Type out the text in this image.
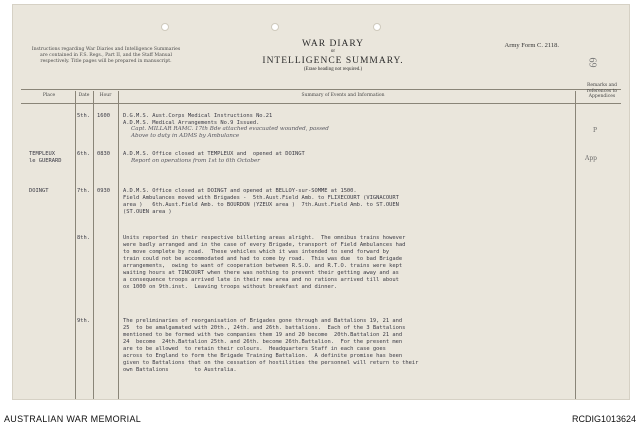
Instructions regarding War Diaries and Intelligence Summaries are contained in F.S. Regs., Part II, and the Staff Manual respectively. Title pages will be prepared in manuscript.
WAR DIARY
or
INTELLIGENCE SUMMARY.
(Erase heading not required.)
Army Form C. 2118.
69
Place	Date	Hour	Summary of Events and Information
Remarks and references to Appendices
5th. 1600 D.G.M.S. Aust.Corps Medical Instructions No.21
A.D.M.S. Medical Arrangements No.9 Issued.
Capt. MILLAR RAMC. 17th Bde attached evacuated wounded, passed
Above to duty in ADMS by Ambulance
P
TEMPLEUX
le GUERARD
6th. 0830 A.D.M.S. Office closed at TEMPLEUX and  opened at DOINGT
Report on operations from 1st to 6th October	App
DOINGT	7th. 0930 A.D.M.S. Office closed at DOINGT and opened at BELLOY-sur-SOMME at 1500.
Field Ambulances moved with Brigades -  5th.Aust.Field Amb. to FLIXECOURT (VIGNACOURT
area )   6th.Aust.Field Amb. to BOURDON (YZEUX area )  7th.Aust.Field Amb. to ST.OUEN
(ST.OUEN area )
8th.	Units reported in their respective billeting areas alright.  The omnibus trains however
were badly arranged and in the case of every Brigade, transport of Field Ambulances had
to move complete by road.  These vehicles which it was intended to send forward by
train could not be accommodated and had to come by road.  This was due  to bad Brigade
arrangements,  owing to want of cooperation between R.S.O. and R.T.O. trains were kept
waiting hours at TINCOURT when there was nothing to prevent their getting away and as
a consequence troops arrived late in their new area and no rations arrived till about
ox 1000 on 9th.inst.  Leaving troops without breakfast and dinner.
9th.	The preliminaries of reorganisation of Brigades gone through and Battalions 19, 21 and
25  to be amalgamated with 20th., 24th. and 26th. battalions.  Each of the 3 Battalions
mentioned to be formed with two companies them 19 and 20 become  20th.Battalion 21 and
24  become  24th.Battalion 25th. and 26th. become 26th.Battalion.  For the present men
are to be allowed  to retain their colours.  Headquarters Staff in each case goes
across to England to form the Brigade Training Battalion.  A definite promise has been
given to Battalions that on the cessation of hostilities the personnel will return to their
own Battalions        to Australia.
AUSTRALIAN WAR MEMORIAL	RCDIG1013624
